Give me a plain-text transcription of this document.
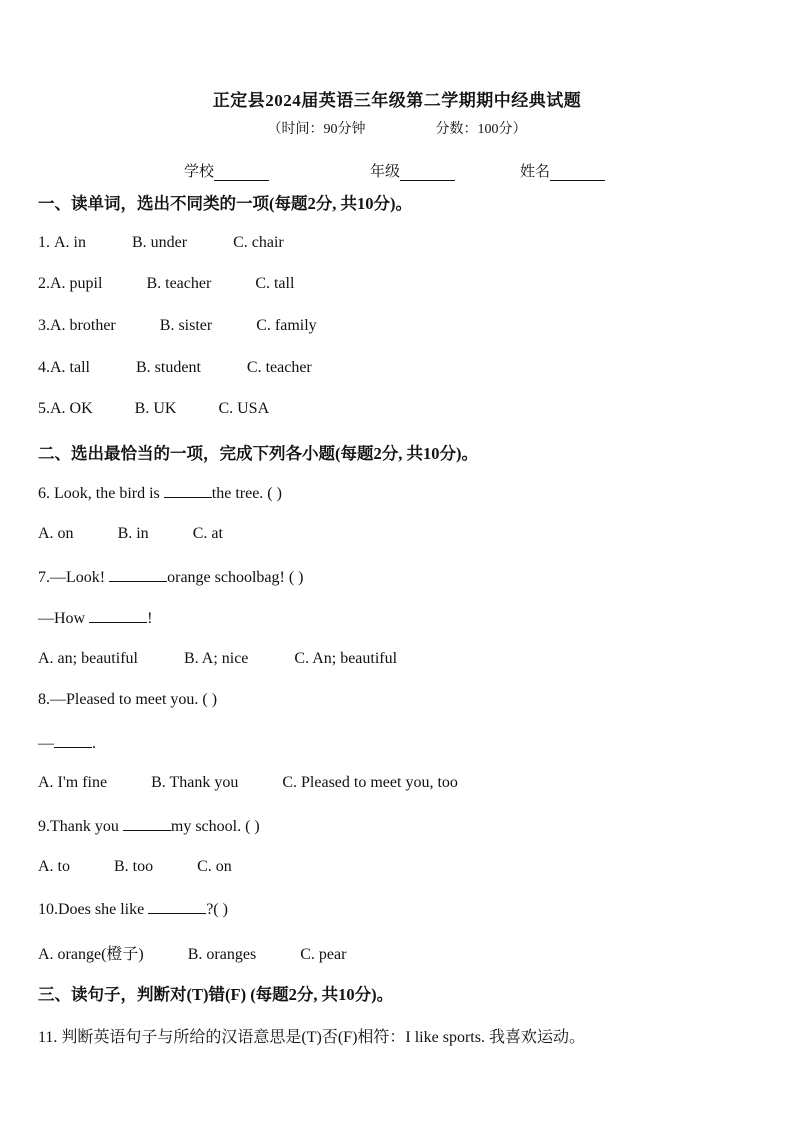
正定县2024届英语三年级第二学期期中经典试题
（时间：90分钟                    分数：100分）
学校	年级	姓名
一、读单词，选出不同类的一项(每题2分, 共10分)。
1. A. in	B. under	C. chair
2.A. pupil	B. teacher	C. tall
3.A. brother	B. sister	C. family
4.A. tall	B. student	C. teacher
5.A. OK	B. UK	C. USA
二、选出最恰当的一项，完成下列各小题(每题2分, 共10分)。
6. Look, the bird is	the tree. ( )
A. on	B. in	C. at
7.—Look!	orange schoolbag! ( )
—How	!
A. an; beautiful	B. A; nice	C. An; beautiful
8.—Pleased to meet you. ( )
— .
A. I'm fine	B. Thank you	C. Pleased to meet you, too
9.Thank you	my school. ( )
A. to	B. too	C. on
10.Does she like	?( )
A. orange(橙子)	B. oranges	C. pear
三、读句子，判断对(T)错(F) (每题2分, 共10分)。
11. 判断英语句子与所给的汉语意思是(T)否(F)相符：I like sports. 我喜欢运动。
